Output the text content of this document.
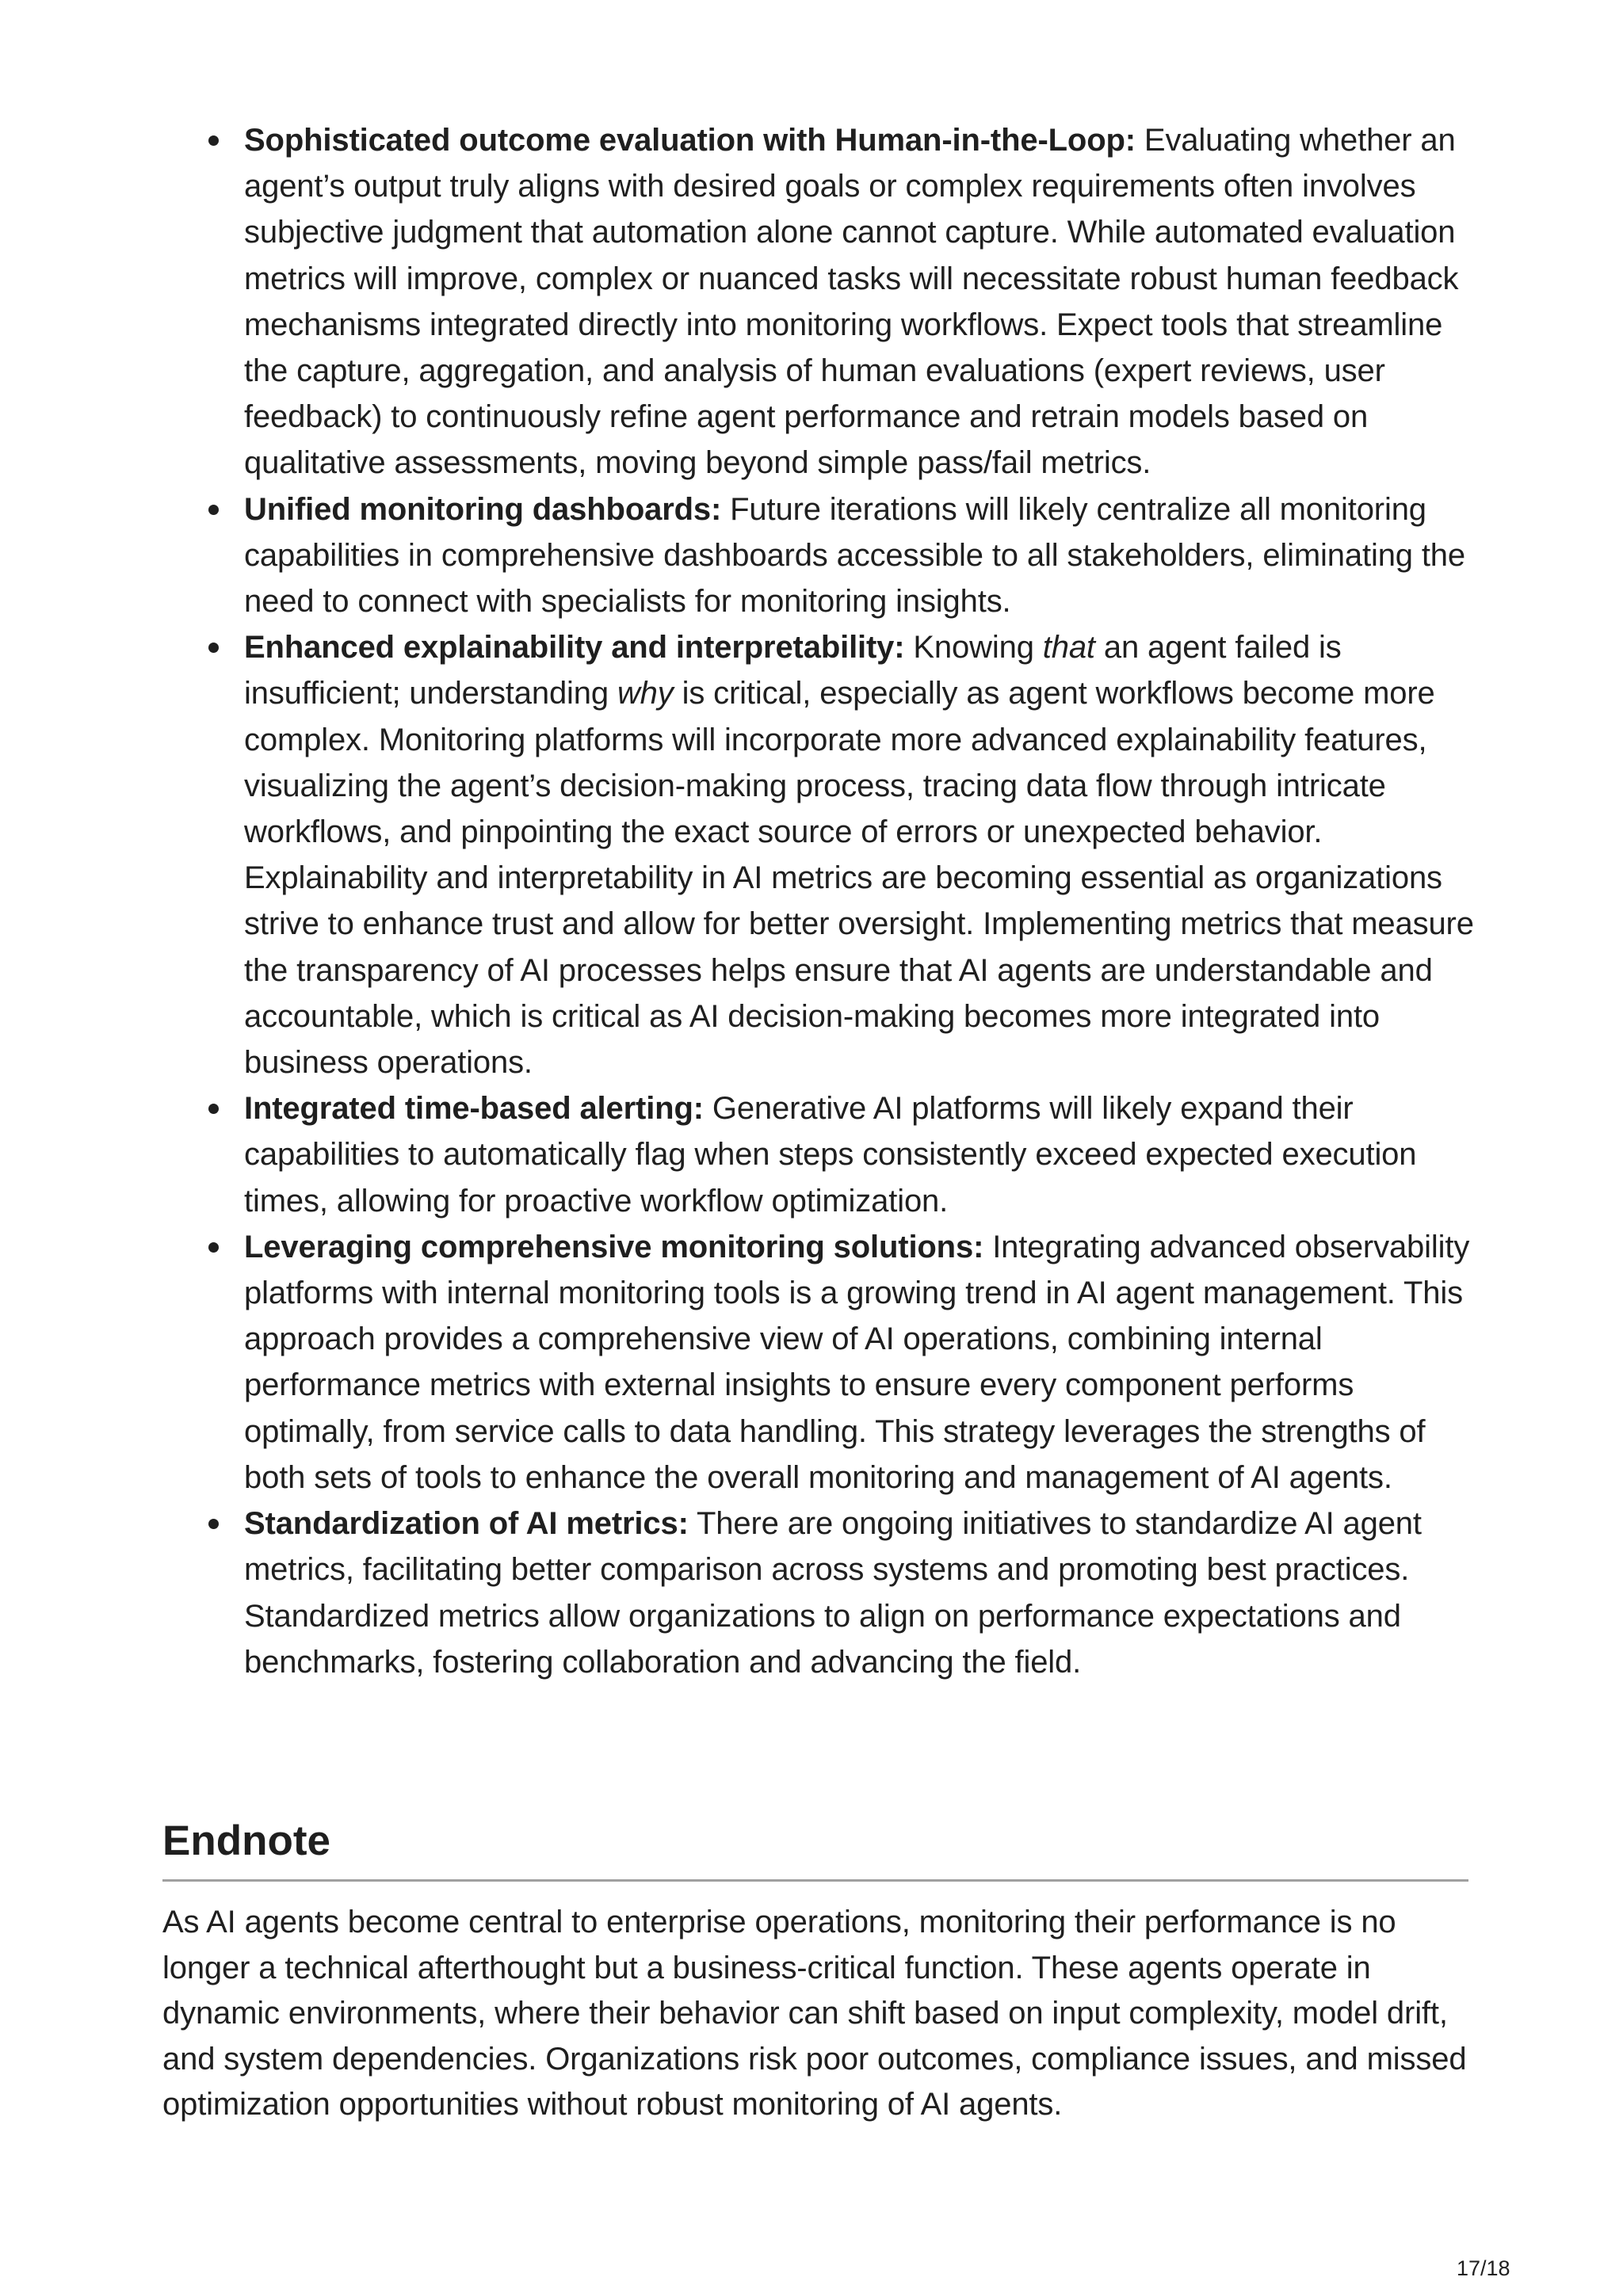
Sophisticated outcome evaluation with Human-in-the-Loop: Evaluating whether an agent’s output truly aligns with desired goals or complex requirements often involves subjective judgment that automation alone cannot capture. While automated evaluation metrics will improve, complex or nuanced tasks will necessitate robust human feedback mechanisms integrated directly into monitoring workflows. Expect tools that streamline the capture, aggregation, and analysis of human evaluations (expert reviews, user feedback) to continuously refine agent performance and retrain models based on qualitative assessments, moving beyond simple pass/fail metrics.
Unified monitoring dashboards: Future iterations will likely centralize all monitoring capabilities in comprehensive dashboards accessible to all stakeholders, eliminating the need to connect with specialists for monitoring insights.
Enhanced explainability and interpretability: Knowing that an agent failed is insufficient; understanding why is critical, especially as agent workflows become more complex. Monitoring platforms will incorporate more advanced explainability features, visualizing the agent’s decision-making process, tracing data flow through intricate workflows, and pinpointing the exact source of errors or unexpected behavior. Explainability and interpretability in AI metrics are becoming essential as organizations strive to enhance trust and allow for better oversight. Implementing metrics that measure the transparency of AI processes helps ensure that AI agents are understandable and accountable, which is critical as AI decision-making becomes more integrated into business operations.
Integrated time-based alerting: Generative AI platforms will likely expand their capabilities to automatically flag when steps consistently exceed expected execution times, allowing for proactive workflow optimization.
Leveraging comprehensive monitoring solutions: Integrating advanced observability platforms with internal monitoring tools is a growing trend in AI agent management. This approach provides a comprehensive view of AI operations, combining internal performance metrics with external insights to ensure every component performs optimally, from service calls to data handling. This strategy leverages the strengths of both sets of tools to enhance the overall monitoring and management of AI agents.
Standardization of AI metrics: There are ongoing initiatives to standardize AI agent metrics, facilitating better comparison across systems and promoting best practices. Standardized metrics allow organizations to align on performance expectations and benchmarks, fostering collaboration and advancing the field.
Endnote

As AI agents become central to enterprise operations, monitoring their performance is no longer a technical afterthought but a business-critical function. These agents operate in dynamic environments, where their behavior can shift based on input complexity, model drift, and system dependencies. Organizations risk poor outcomes, compliance issues, and missed optimization opportunities without robust monitoring of AI agents.

17/18
